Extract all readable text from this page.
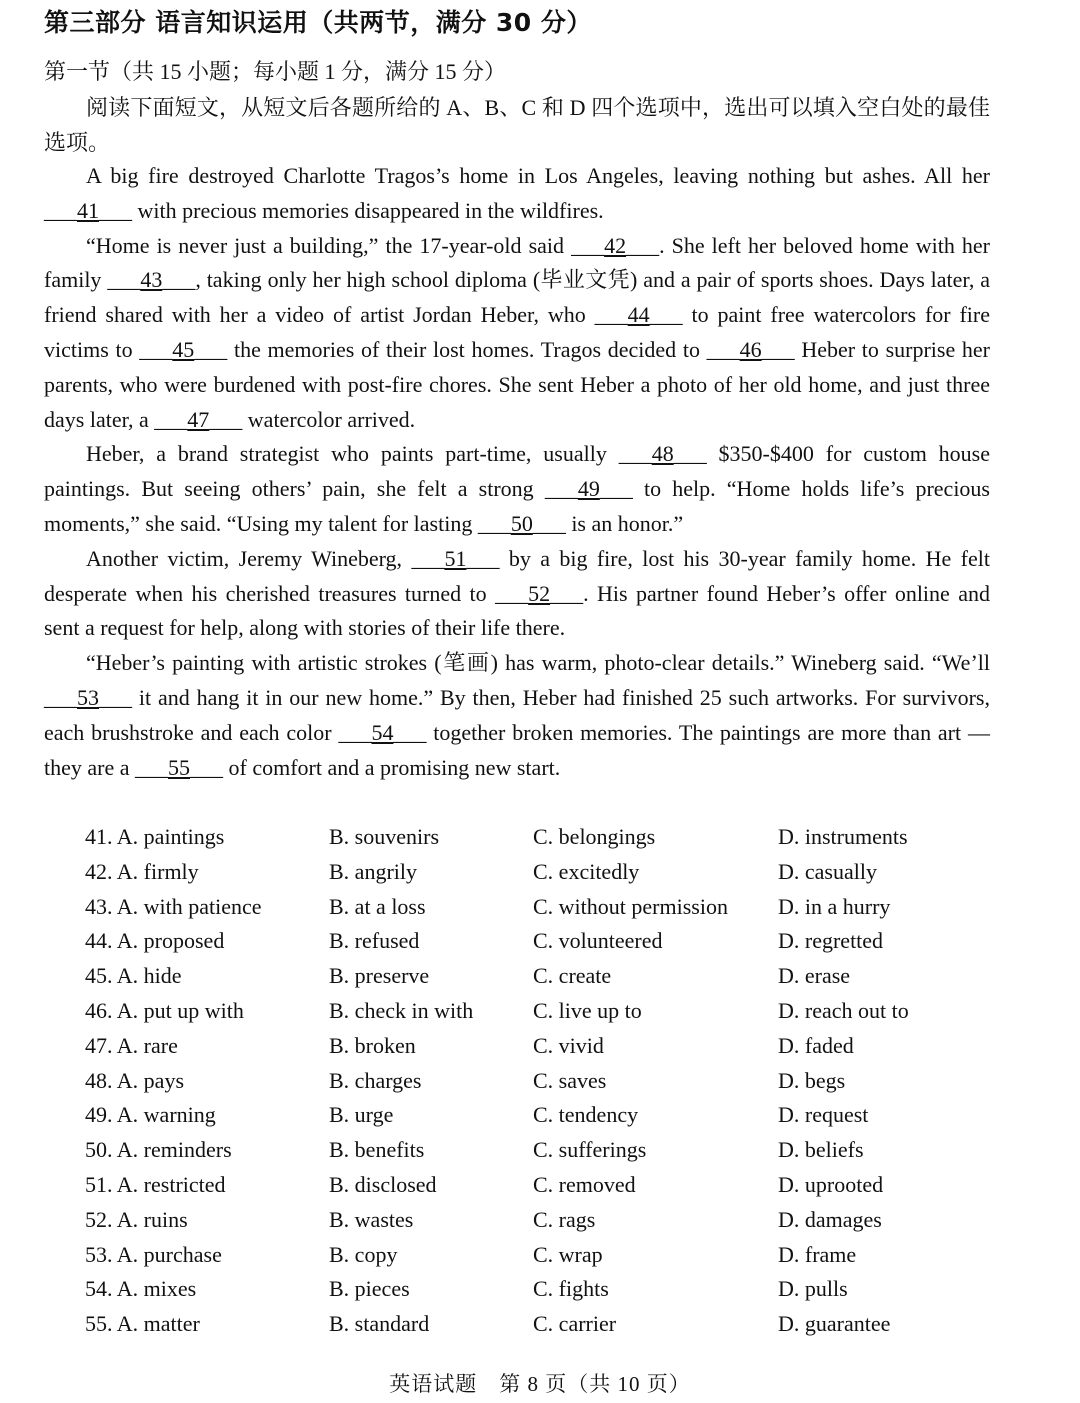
第三部分 语言知识运用（共两节，满分 30 分）
第一节（共 15 小题；每小题 1 分，满分 15 分）
阅读下面短文，从短文后各题所给的 A、B、C 和 D 四个选项中，选出可以填入空白处的最佳选项。

A big fire destroyed Charlotte Tragos’s home in Los Angeles, leaving nothing but ashes. All her ___41___ with precious memories disappeared in the wildfires.

“Home is never just a building,” the 17-year-old said ___42___. She left her beloved home with her family ___43___, taking only her high school diploma (毕业文凭) and a pair of sports shoes. Days later, a friend shared with her a video of artist Jordan Heber, who ___44___ to paint free watercolors for fire victims to ___45___ the memories of their lost homes. Tragos decided to ___46___ Heber to surprise her parents, who were burdened with post-fire chores. She sent Heber a photo of her old home, and just three days later, a ___47___ watercolor arrived.

Heber, a brand strategist who paints part-time, usually ___48___ $350-$400 for custom house paintings. But seeing others’ pain, she felt a strong ___49___ to help. “Home holds life’s precious moments,” she said. “Using my talent for lasting ___50___ is an honor.”

Another victim, Jeremy Wineberg, ___51___ by a big fire, lost his 30-year family home. He felt desperate when his cherished treasures turned to ___52___. His partner found Heber’s offer online and sent a request for help, along with stories of their life there.

“Heber’s painting with artistic strokes (笔画) has warm, photo-clear details.” Wineberg said. “We’ll ___53___ it and hang it in our new home.” By then, Heber had finished 25 such artworks. For survivors, each brushstroke and each color ___54___ together broken memories. The paintings are more than art — they are a ___55___ of comfort and a promising new start.

41. A. paintings	B. souvenirs	C. belongings	D. instruments
42. A. firmly	B. angrily	C. excitedly	D. casually
43. A. with patience	B. at a loss	C. without permission D. in a hurry
44. A. proposed	B. refused	C. volunteered	D. regretted
45. A. hide	B. preserve	C. create	D. erase
46. A. put up with	B. check in with	C. live up to	D. reach out to
47. A. rare	B. broken	C. vivid	D. faded
48. A. pays	B. charges	C. saves	D. begs
49. A. warning	B. urge	C. tendency	D. request
50. A. reminders	B. benefits	C. sufferings	D. beliefs
51. A. restricted	B. disclosed	C. removed	D. uprooted
52. A. ruins	B. wastes	C. rags	D. damages
53. A. purchase	B. copy	C. wrap	D. frame
54. A. mixes	B. pieces	C. fights	D. pulls
55. A. matter	B. standard	C. carrier	D. guarantee
英语试题　第 8 页（共 10 页）
